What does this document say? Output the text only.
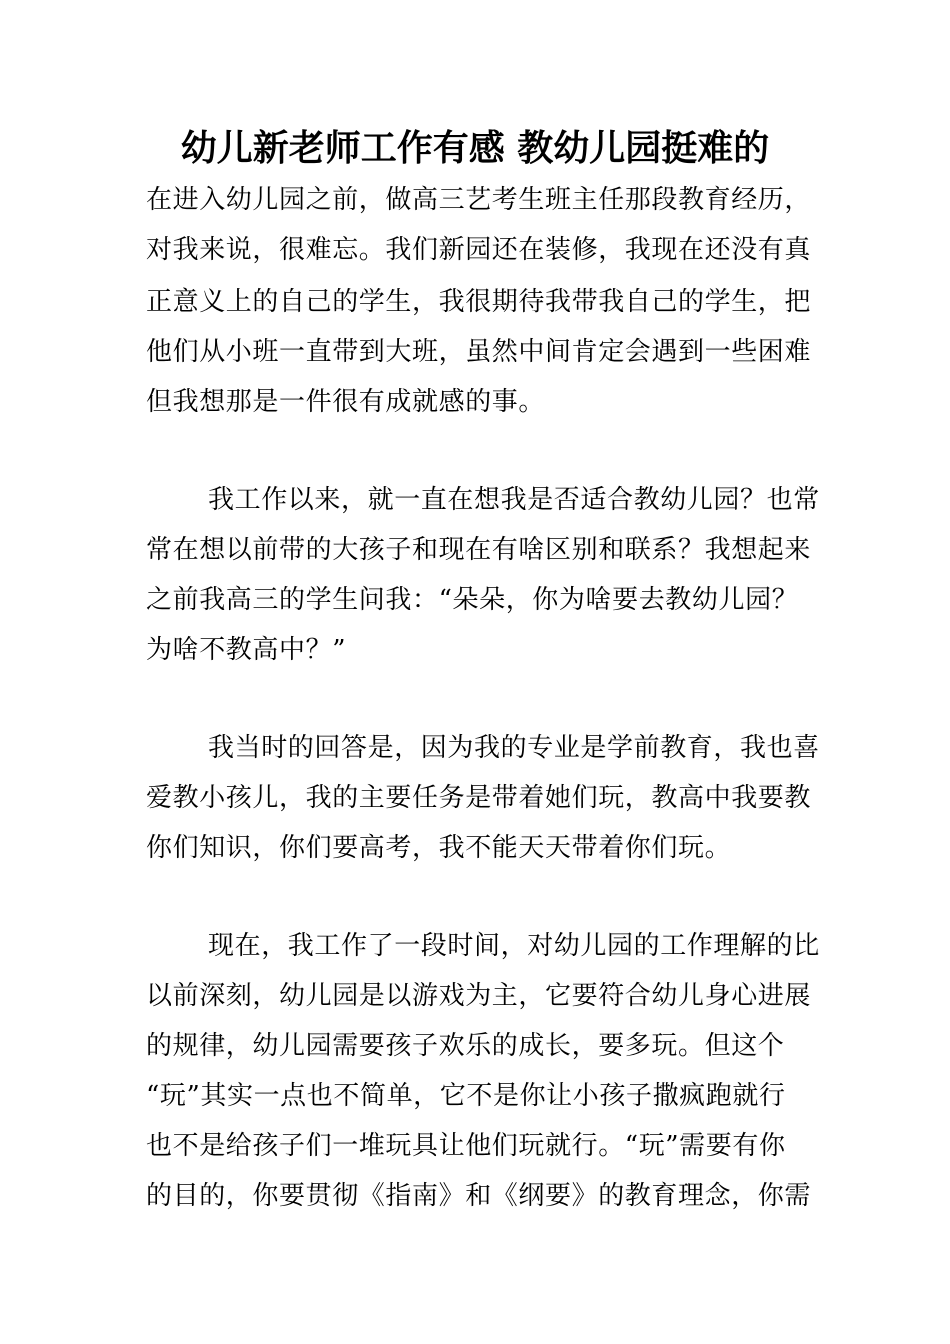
幼儿新老师工作有感 教幼儿园挺难的

在进入幼儿园之前，做高三艺考生班主任那段教育经历，

对我来说，很难忘。我们新园还在装修，我现在还没有真

正意义上的自己的学生，我很期待我带我自己的学生，把

他们从小班一直带到大班，虽然中间肯定会遇到一些困难

但我想那是一件很有成就感的事。

我工作以来，就一直在想我是否适合教幼儿园？也常

常在想以前带的大孩子和现在有啥区别和联系？我想起来

之前我高三的学生问我：“朵朵，你为啥要去教幼儿园？

为啥不教高中？”

我当时的回答是，因为我的专业是学前教育，我也喜

爱教小孩儿，我的主要任务是带着她们玩，教高中我要教

你们知识，你们要高考，我不能天天带着你们玩。

现在，我工作了一段时间，对幼儿园的工作理解的比

以前深刻，幼儿园是以游戏为主，它要符合幼儿身心进展

的规律，幼儿园需要孩子欢乐的成长，要多玩。但这个

“玩”其实一点也不简单，它不是你让小孩子撒疯跑就行

也不是给孩子们一堆玩具让他们玩就行。“玩”需要有你

的目的，你要贯彻《指南》和《纲要》的教育理念，你需
